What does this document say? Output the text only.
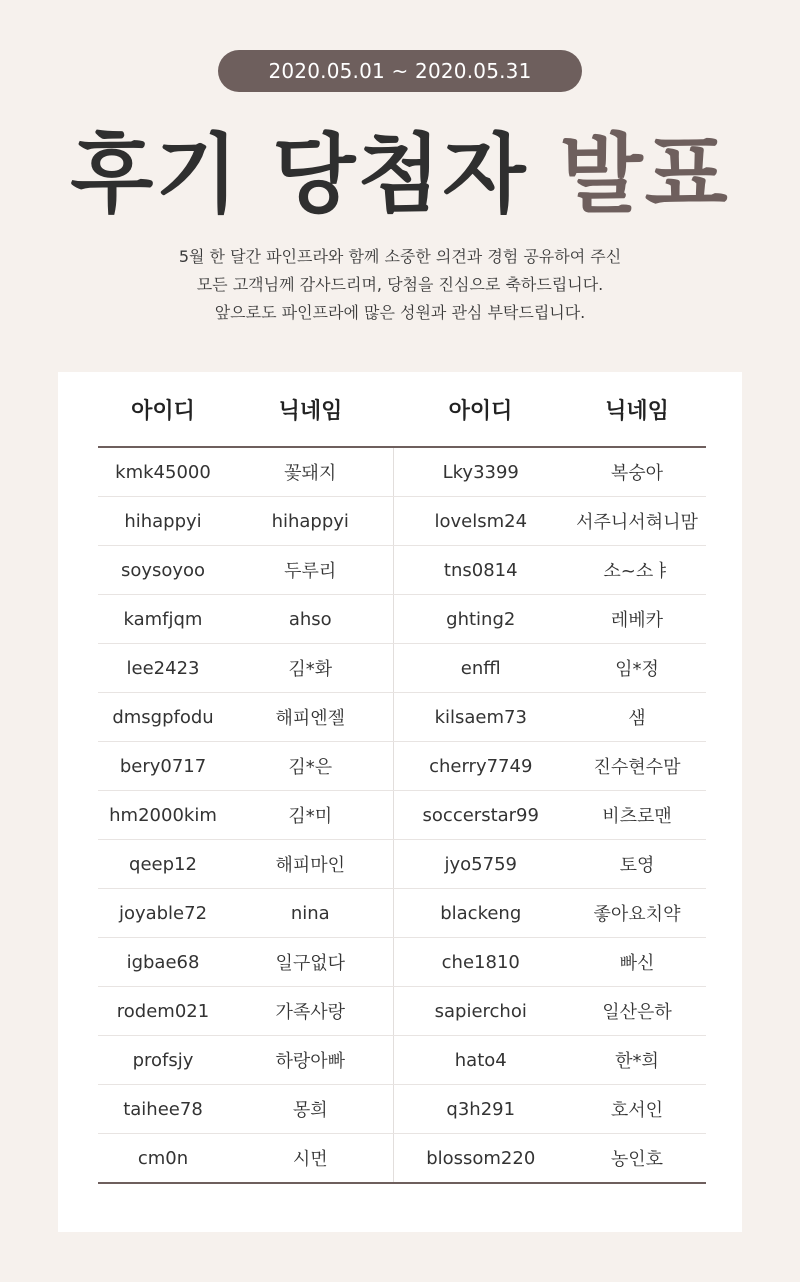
2020.05.01 ~ 2020.05.31
후기 당첨자 발표

5월 한 달간 파인프라와 함께 소중한 의견과 경험 공유하여 주신

모든 고객님께 감사드리며, 당첨을 진심으로 축하드립니다.

앞으로도 파인프라에 많은 성원과 관심 부탁드립니다.

아이디	닉네임	아이디	닉네임
kmk45000	꽃돼지	Lky3399	복숭아
hihappyi	hihappyi	lovelsm24	서주니서혀니맘
soysoyoo	두루리	tns0814	소~소ㅑ
kamfjqm	ahso	ghting2	레베카
lee2423	김*화	enffl	임*정
dmsgpfodu	해피엔젤	kilsaem73	샘
bery0717	김*은	cherry7749	진수현수맘
hm2000kim	김*미	soccerstar99	비츠로맨
qeep12	해피마인	jyo5759	토영
joyable72	nina	blackeng	좋아요치약
igbae68	일구없다	che1810	빠신
rodem021	가족사랑	sapierchoi	일산은하
profsjy	하랑아빠	hato4	한*희
taihee78	몽희	q3h291	호서인
cm0n	시먼	blossom220	농인호
